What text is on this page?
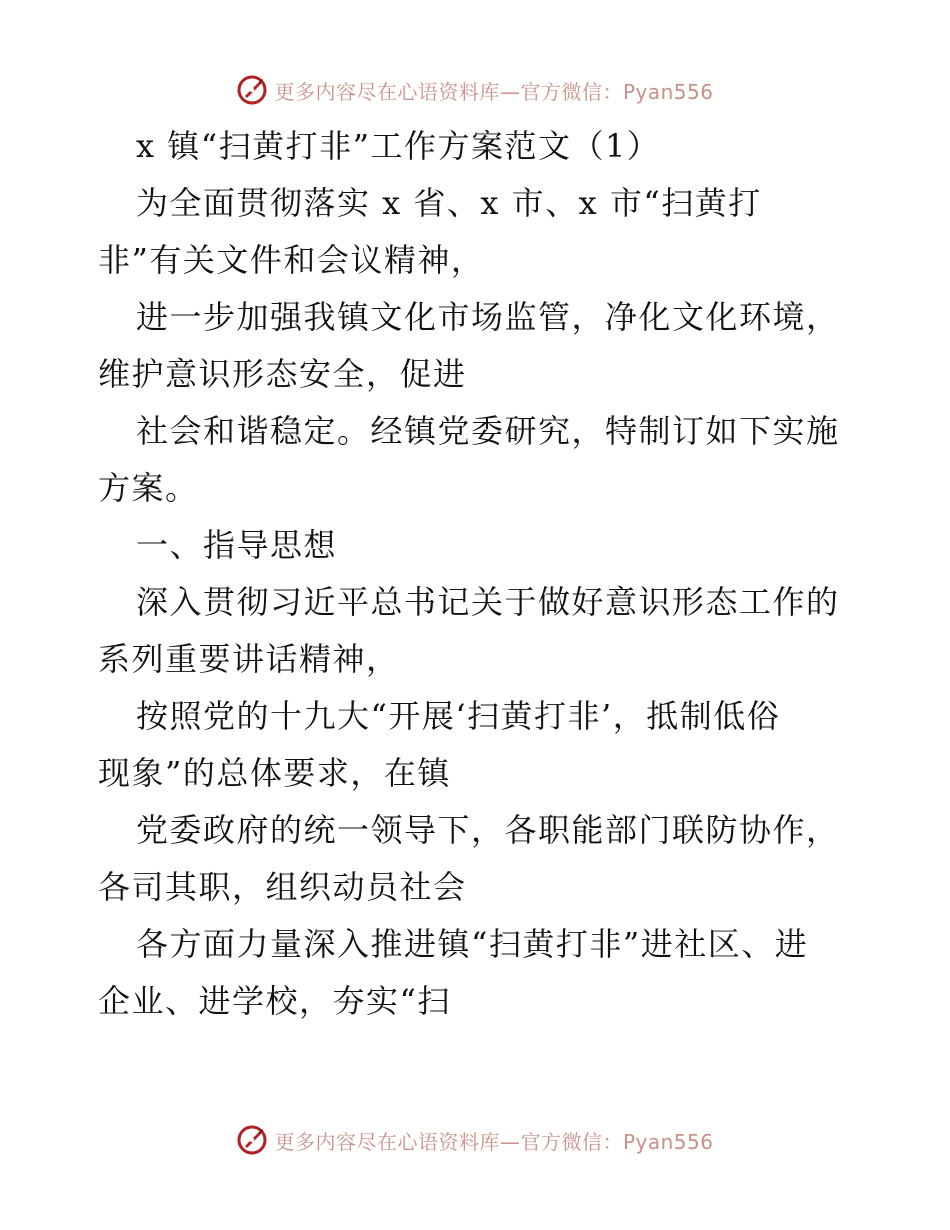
更多内容尽在心语资料库—官方微信：Pyan556

x 镇“扫黄打非”工作方案范文（1）

为全面贯彻落实 x 省、x 市、x 市“扫黄打

非”有关文件和会议精神，

进一步加强我镇文化市场监管，净化文化环境，

维护意识形态安全，促进

社会和谐稳定。经镇党委研究，特制订如下实施

方案。

一、指导思想

深入贯彻习近平总书记关于做好意识形态工作的

系列重要讲话精神，

按照党的十九大“开展‘扫黄打非’，抵制低俗

现象”的总体要求，在镇

党委政府的统一领导下，各职能部门联防协作，

各司其职，组织动员社会

各方面力量深入推进镇“扫黄打非”进社区、进

企业、进学校，夯实“扫

更多内容尽在心语资料库—官方微信：Pyan556
